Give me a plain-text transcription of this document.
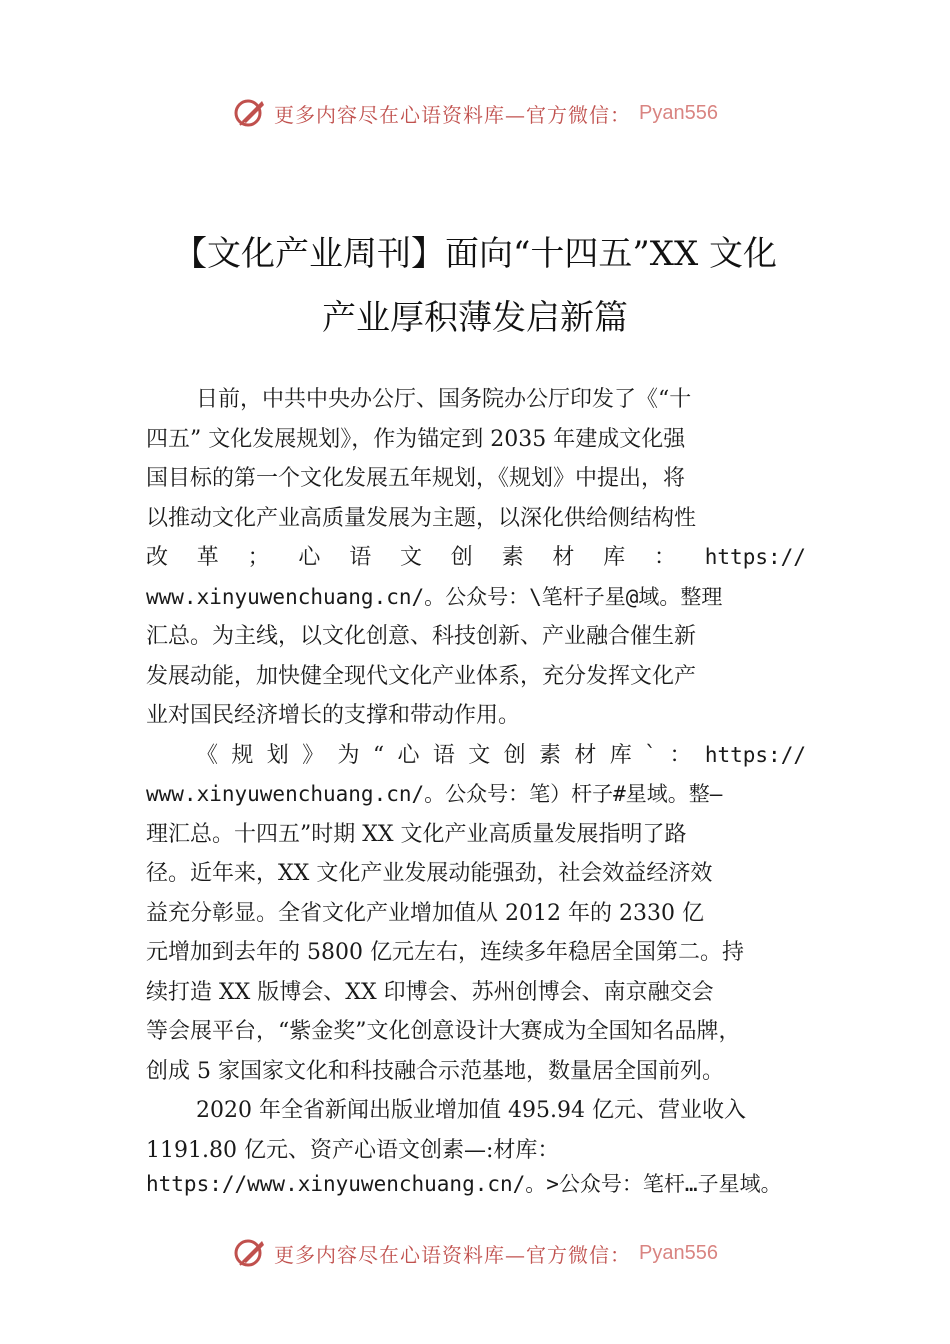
更多内容尽在心语资料库—官方微信： Pyan556
【文化产业周刊】面向“十四五”XX 文化
产业厚积薄发启新篇
日前，中共中央办公厅、国务院办公厅印发了《“十
四五” 文化发展规划》，作为锚定到 2035 年建成文化强
国目标的第一个文化发展五年规划，《规划》中提出，将
以推动文化产业高质量发展为主题，以深化供给侧结构性
改 革 ； 心 语 文 创 素 材 库 ： https://
www.xinyuwenchuang.cn/。公众号：\笔杆子星@域。整理
汇总。为主线，以文化创意、科技创新、产业融合催生新
发展动能，加快健全现代文化产业体系，充分发挥文化产
业对国民经济增长的支撑和带动作用。
《 规 划 》 为 “ 心 语 文 创 素 材 库 ` ： https://
www.xinyuwenchuang.cn/。公众号：笔）杆子#星域。整—
理汇总。十四五”时期 XX 文化产业高质量发展指明了路
径。近年来，XX 文化产业发展动能强劲，社会效益经济效
益充分彰显。全省文化产业增加值从 2012 年的 2330 亿
元增加到去年的 5800 亿元左右，连续多年稳居全国第二。持
续打造 XX 版博会、XX 印博会、苏州创博会、南京融交会
等会展平台，“紫金奖”文化创意设计大赛成为全国知名品牌，
创成 5 家国家文化和科技融合示范基地，数量居全国前列。
2020 年全省新闻出版业增加值 495.94 亿元、营业收入
1191.80 亿元、资产心语文创素—:材库：
https://www.xinyuwenchuang.cn/。>公众号：笔杆…子星域。
更多内容尽在心语资料库—官方微信： Pyan556
